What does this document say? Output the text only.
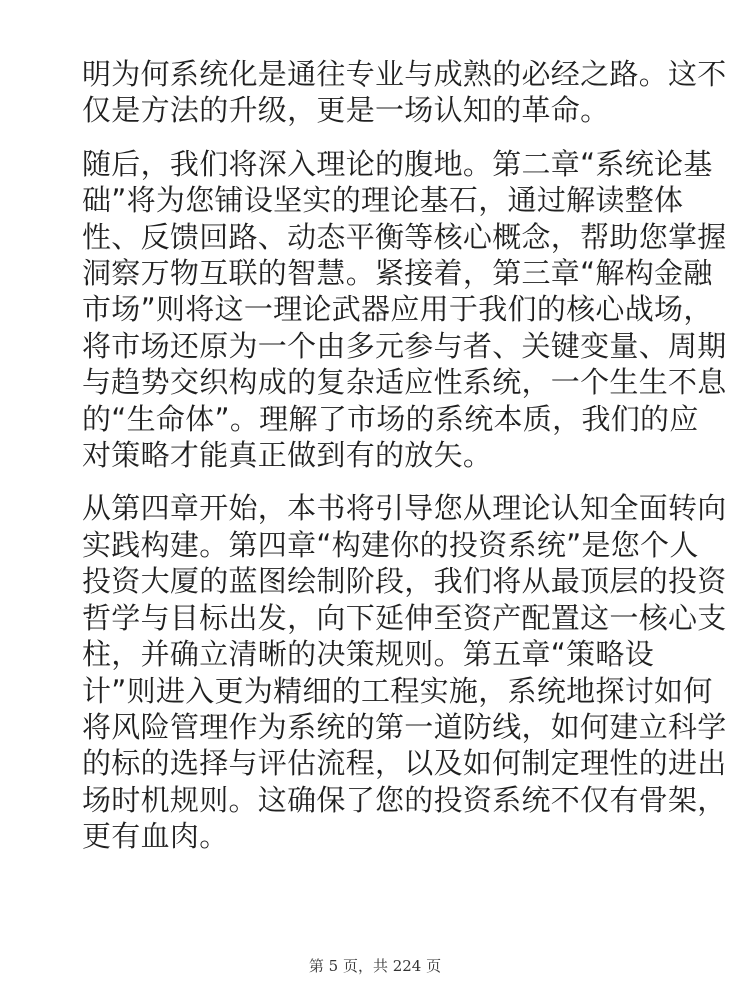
明为何系统化是通往专业与成熟的必经之路。这不
仅是方法的升级，更是一场认知的革命。
随后，我们将深入理论的腹地。第二章“系统论基
础”将为您铺设坚实的理论基石，通过解读整体
性、反馈回路、动态平衡等核心概念，帮助您掌握
洞察万物互联的智慧。紧接着，第三章“解构金融
市场”则将这一理论武器应用于我们的核心战场，
将市场还原为一个由多元参与者、关键变量、周期
与趋势交织构成的复杂适应性系统，一个生生不息
的“生命体”。理解了市场的系统本质，我们的应
对策略才能真正做到有的放矢。
从第四章开始，本书将引导您从理论认知全面转向
实践构建。第四章“构建你的投资系统”是您个人
投资大厦的蓝图绘制阶段，我们将从最顶层的投资
哲学与目标出发，向下延伸至资产配置这一核心支
柱，并确立清晰的决策规则。第五章“策略设
计”则进入更为精细的工程实施，系统地探讨如何
将风险管理作为系统的第一道防线，如何建立科学
的标的选择与评估流程，以及如何制定理性的进出
场时机规则。这确保了您的投资系统不仅有骨架，
更有血肉。
第 5 页，共 224 页
